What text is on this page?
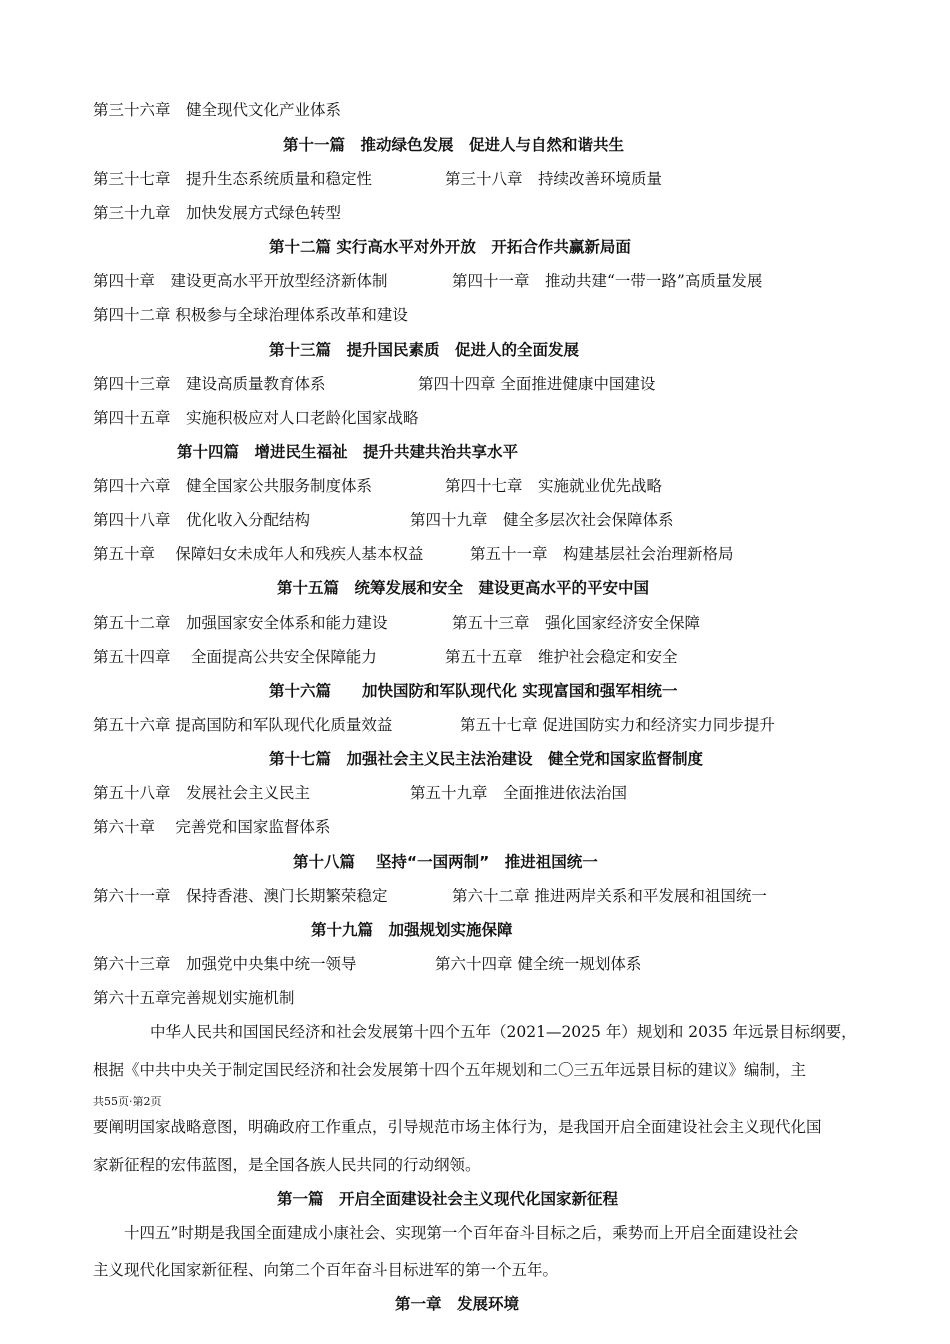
第三十六章　健全现代文化产业体系
第十一篇　推动绿色发展　促进人与自然和谐共生
第三十七章　提升生态系统质量和稳定性	第三十八章　持续改善环境质量
第三十九章　加快发展方式绿色转型
第十二篇 实行高水平对外开放　开拓合作共赢新局面
第四十章　建设更高水平开放型经济新体制	第四十一章　推动共建“一带一路”高质量发展
第四十二章 积极参与全球治理体系改革和建设
第十三篇　提升国民素质　促进人的全面发展
第四十三章　建设高质量教育体系	第四十四章 全面推进健康中国建设
第四十五章　实施积极应对人口老龄化国家战略
第十四篇　增进民生福祉　提升共建共治共享水平
第四十六章　健全国家公共服务制度体系	第四十七章　实施就业优先战略
第四十八章　优化收入分配结构	第四十九章　健全多层次社会保障体系
第五十章　 保障妇女未成年人和残疾人基本权益	第五十一章　构建基层社会治理新格局
第十五篇　统筹发展和安全　建设更高水平的平安中国
第五十二章　加强国家安全体系和能力建设	第五十三章　强化国家经济安全保障
第五十四章　 全面提高公共安全保障能力	第五十五章　维护社会稳定和安全
第十六篇　　加快国防和军队现代化 实现富国和强军相统一
第五十六章 提高国防和军队现代化质量效益	第五十七章 促进国防实力和经济实力同步提升
第十七篇　加强社会主义民主法治建设　健全党和国家监督制度
第五十八章　发展社会主义民主	第五十九章　全面推进依法治国
第六十章　 完善党和国家监督体系
第十八篇　 坚持“一国两制”　推进祖国统一
第六十一章　保持香港、澳门长期繁荣稳定	第六十二章 推进两岸关系和平发展和祖国统一
第十九篇　加强规划实施保障
第六十三章　加强党中央集中统一领导	第六十四章 健全统一规划体系
第六十五章完善规划实施机制
中华人民共和国国民经济和社会发展第十四个五年（2021—2025 年）规划和 2035 年远景目标纲要，
根据《中共中央关于制定国民经济和社会发展第十四个五年规划和二〇三五年远景目标的建议》编制，主
共55页·第2页
要阐明国家战略意图，明确政府工作重点，引导规范市场主体行为，是我国开启全面建设社会主义现代化国
家新征程的宏伟蓝图，是全国各族人民共同的行动纲领。
第一篇　开启全面建设社会主义现代化国家新征程
十四五”时期是我国全面建成小康社会、实现第一个百年奋斗目标之后，乘势而上开启全面建设社会
主义现代化国家新征程、向第二个百年奋斗目标进军的第一个五年。
第一章　发展环境
